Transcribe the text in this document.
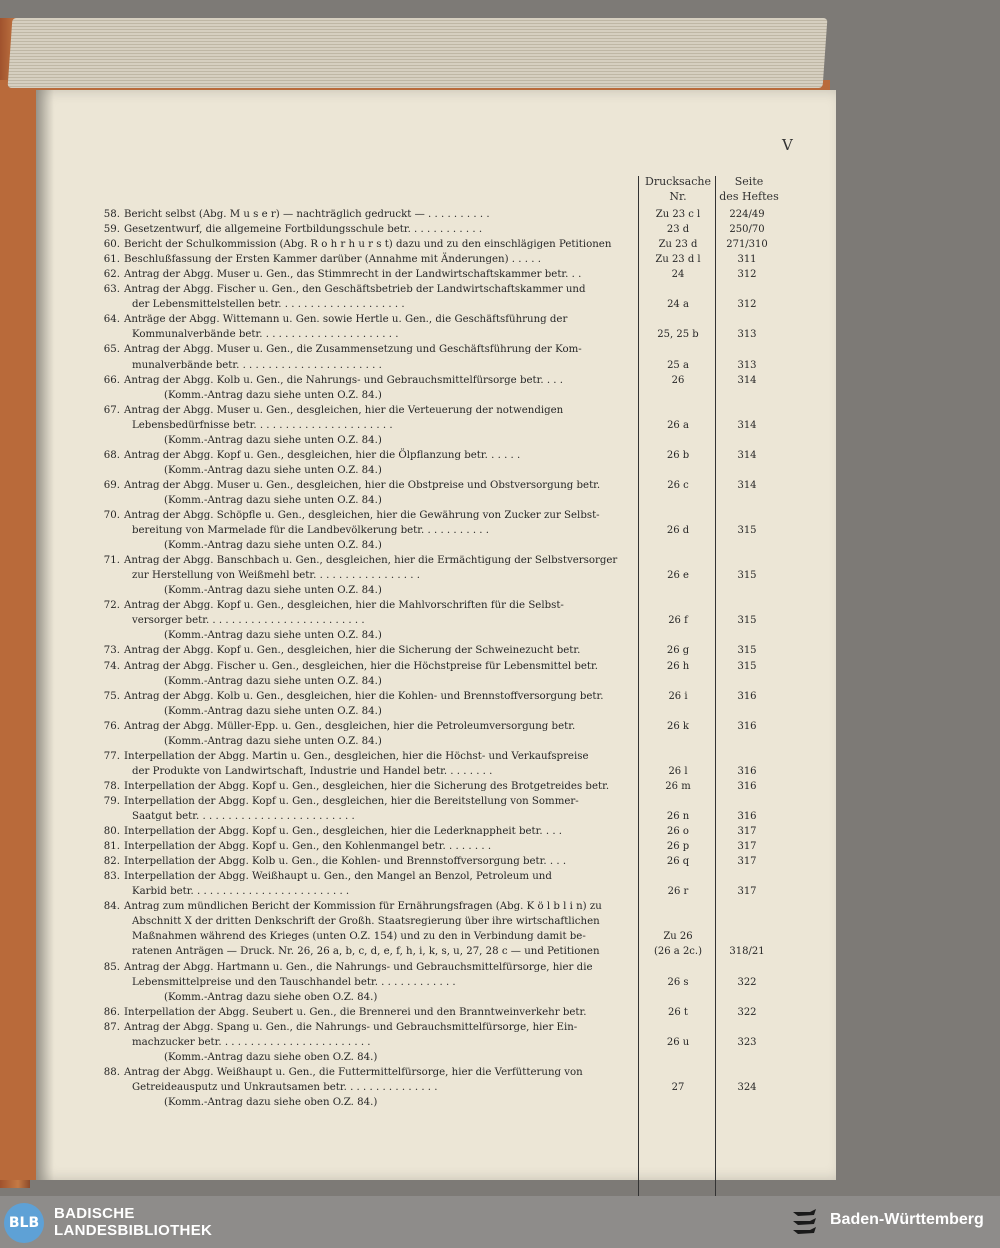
V
Drucksache
Nr.
Seite
des Heftes
58. Bericht selbst (Abg. M u s e r) — nachträglich gedruckt — . . . . . . . . . .	Zu 23 c l	224/49
59. Gesetzentwurf, die allgemeine Fortbildungsschule betr. . . . . . . . . . . .	23 d	250/70
60. Bericht der Schulkommission (Abg. R o h r h u r s t) dazu und zu den einschlägigen Petitionen	Zu 23 d	271/310
61. Beschlußfassung der Ersten Kammer darüber (Annahme mit Änderungen) . . . . .	Zu 23 d l	311
62. Antrag der Abgg. Muser u. Gen., das Stimmrecht in der Landwirtschaftskammer betr. . .	24	312
63. Antrag der Abgg. Fischer u. Gen., den Geschäftsbetrieb der Landwirtschaftskammer und
der Lebensmittelstellen betr. . . . . . . . . . . . . . . . . . . .	24 a	312
64. Anträge der Abgg. Wittemann u. Gen. sowie Hertle u. Gen., die Geschäftsführung der
Kommunalverbände betr. . . . . . . . . . . . . . . . . . . . . .	25, 25 b	313
65. Antrag der Abgg. Muser u. Gen., die Zusammensetzung und Geschäftsführung der Kom-
munalverbände betr. . . . . . . . . . . . . . . . . . . . . . .	25 a	313
66. Antrag der Abgg. Kolb u. Gen., die Nahrungs- und Gebrauchsmittelfürsorge betr. . . .
(Komm.-Antrag dazu siehe unten O.Z. 84.)
26	314
67. Antrag der Abgg. Muser u. Gen., desgleichen, hier die Verteuerung der notwendigen
Lebensbedürfnisse betr. . . . . . . . . . . . . . . . . . . . . .
(Komm.-Antrag dazu siehe unten O.Z. 84.)
26 a	314
68. Antrag der Abgg. Kopf u. Gen., desgleichen, hier die Ölpflanzung betr. . . . . .
(Komm.-Antrag dazu siehe unten O.Z. 84.)
26 b	314
69. Antrag der Abgg. Muser u. Gen., desgleichen, hier die Obstpreise und Obstversorgung betr.
(Komm.-Antrag dazu siehe unten O.Z. 84.)
26 c	314
70. Antrag der Abgg. Schöpfle u. Gen., desgleichen, hier die Gewährung von Zucker zur Selbst-
bereitung von Marmelade für die Landbevölkerung betr. . . . . . . . . . .
(Komm.-Antrag dazu siehe unten O.Z. 84.)
26 d	315
71. Antrag der Abgg. Banschbach u. Gen., desgleichen, hier die Ermächtigung der Selbstversorger
zur Herstellung von Weißmehl betr. . . . . . . . . . . . . . . . .
(Komm.-Antrag dazu siehe unten O.Z. 84.)
26 e	315
72. Antrag der Abgg. Kopf u. Gen., desgleichen, hier die Mahlvorschriften für die Selbst-
versorger betr. . . . . . . . . . . . . . . . . . . . . . . . .
(Komm.-Antrag dazu siehe unten O.Z. 84.)
26 f	315
73. Antrag der Abgg. Kopf u. Gen., desgleichen, hier die Sicherung der Schweinezucht betr.	26 g	315
74. Antrag der Abgg. Fischer u. Gen., desgleichen, hier die Höchstpreise für Lebensmittel betr.
(Komm.-Antrag dazu siehe unten O.Z. 84.)
26 h	315
75. Antrag der Abgg. Kolb u. Gen., desgleichen, hier die Kohlen- und Brennstoffversorgung betr.
(Komm.-Antrag dazu siehe unten O.Z. 84.)
26 i	316
76. Antrag der Abgg. Müller-Epp. u. Gen., desgleichen, hier die Petroleumversorgung betr.
(Komm.-Antrag dazu siehe unten O.Z. 84.)
26 k	316
77. Interpellation der Abgg. Martin u. Gen., desgleichen, hier die Höchst- und Verkaufspreise
der Produkte von Landwirtschaft, Industrie und Handel betr. . . . . . . .	26 l	316
78. Interpellation der Abgg. Kopf u. Gen., desgleichen, hier die Sicherung des Brotgetreides betr.	26 m	316
79. Interpellation der Abgg. Kopf u. Gen., desgleichen, hier die Bereitstellung von Sommer-
Saatgut betr. . . . . . . . . . . . . . . . . . . . . . . . .	26 n	316
80. Interpellation der Abgg. Kopf u. Gen., desgleichen, hier die Lederknappheit betr. . . .	26 o	317
81. Interpellation der Abgg. Kopf u. Gen., den Kohlenmangel betr. . . . . . . .	26 p	317
82. Interpellation der Abgg. Kolb u. Gen., die Kohlen- und Brennstoffversorgung betr. . . .	26 q	317
83. Interpellation der Abgg. Weißhaupt u. Gen., den Mangel an Benzol, Petroleum und
Karbid betr. . . . . . . . . . . . . . . . . . . . . . . . .	26 r	317
84. Antrag zum mündlichen Bericht der Kommission für Ernährungsfragen (Abg. K ö l b l i n) zu
Abschnitt X der dritten Denkschrift der Großh. Staatsregierung über ihre wirtschaftlichen
Maßnahmen während des Krieges (unten O.Z. 154) und zu den in Verbindung damit be-
ratenen Anträgen — Druck. Nr. 26, 26 a, b, c, d, e, f, h, i, k, s, u, 27, 28 c — und Petitionen
Zu 26
(26 a 2c.)	318/21
85. Antrag der Abgg. Hartmann u. Gen., die Nahrungs- und Gebrauchsmittelfürsorge, hier die
Lebensmittelpreise und den Tauschhandel betr. . . . . . . . . . . . .
(Komm.-Antrag dazu siehe oben O.Z. 84.)
26 s	322
86. Interpellation der Abgg. Seubert u. Gen., die Brennerei und den Branntweinverkehr betr.	26 t	322
87. Antrag der Abgg. Spang u. Gen., die Nahrungs- und Gebrauchsmittelfürsorge, hier Ein-
machzucker betr. . . . . . . . . . . . . . . . . . . . . . . .
(Komm.-Antrag dazu siehe oben O.Z. 84.)
26 u	323
88. Antrag der Abgg. Weißhaupt u. Gen., die Futtermittelfürsorge, hier die Verfütterung von
Getreideausputz und Unkrautsamen betr. . . . . . . . . . . . . . .
(Komm.-Antrag dazu siehe oben O.Z. 84.)
27	324
BLB
BADISCHE
LANDESBIBLIOTHEK
Baden-Württemberg
